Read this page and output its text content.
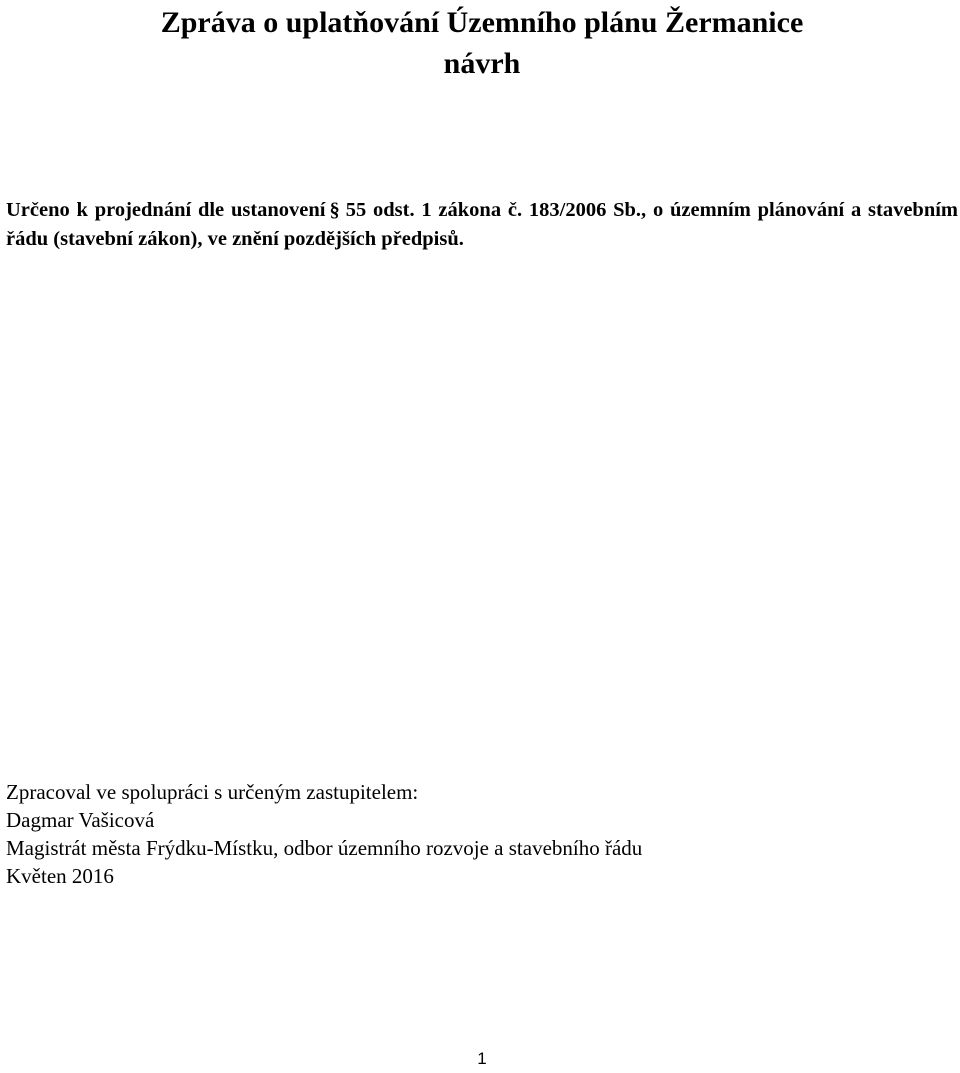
Zpráva o uplatňování Územního plánu Žermanice
návrh
Určeno k projednání dle ustanovení § 55 odst. 1 zákona č. 183/2006 Sb., o územním plánování a stavebním řádu (stavební zákon), ve znění pozdějších předpisů.
Zpracoval ve spolupráci s určeným zastupitelem:
Dagmar Vašicová
Magistrát města Frýdku-Místku, odbor územního rozvoje a stavebního řádu
Květen 2016
1
